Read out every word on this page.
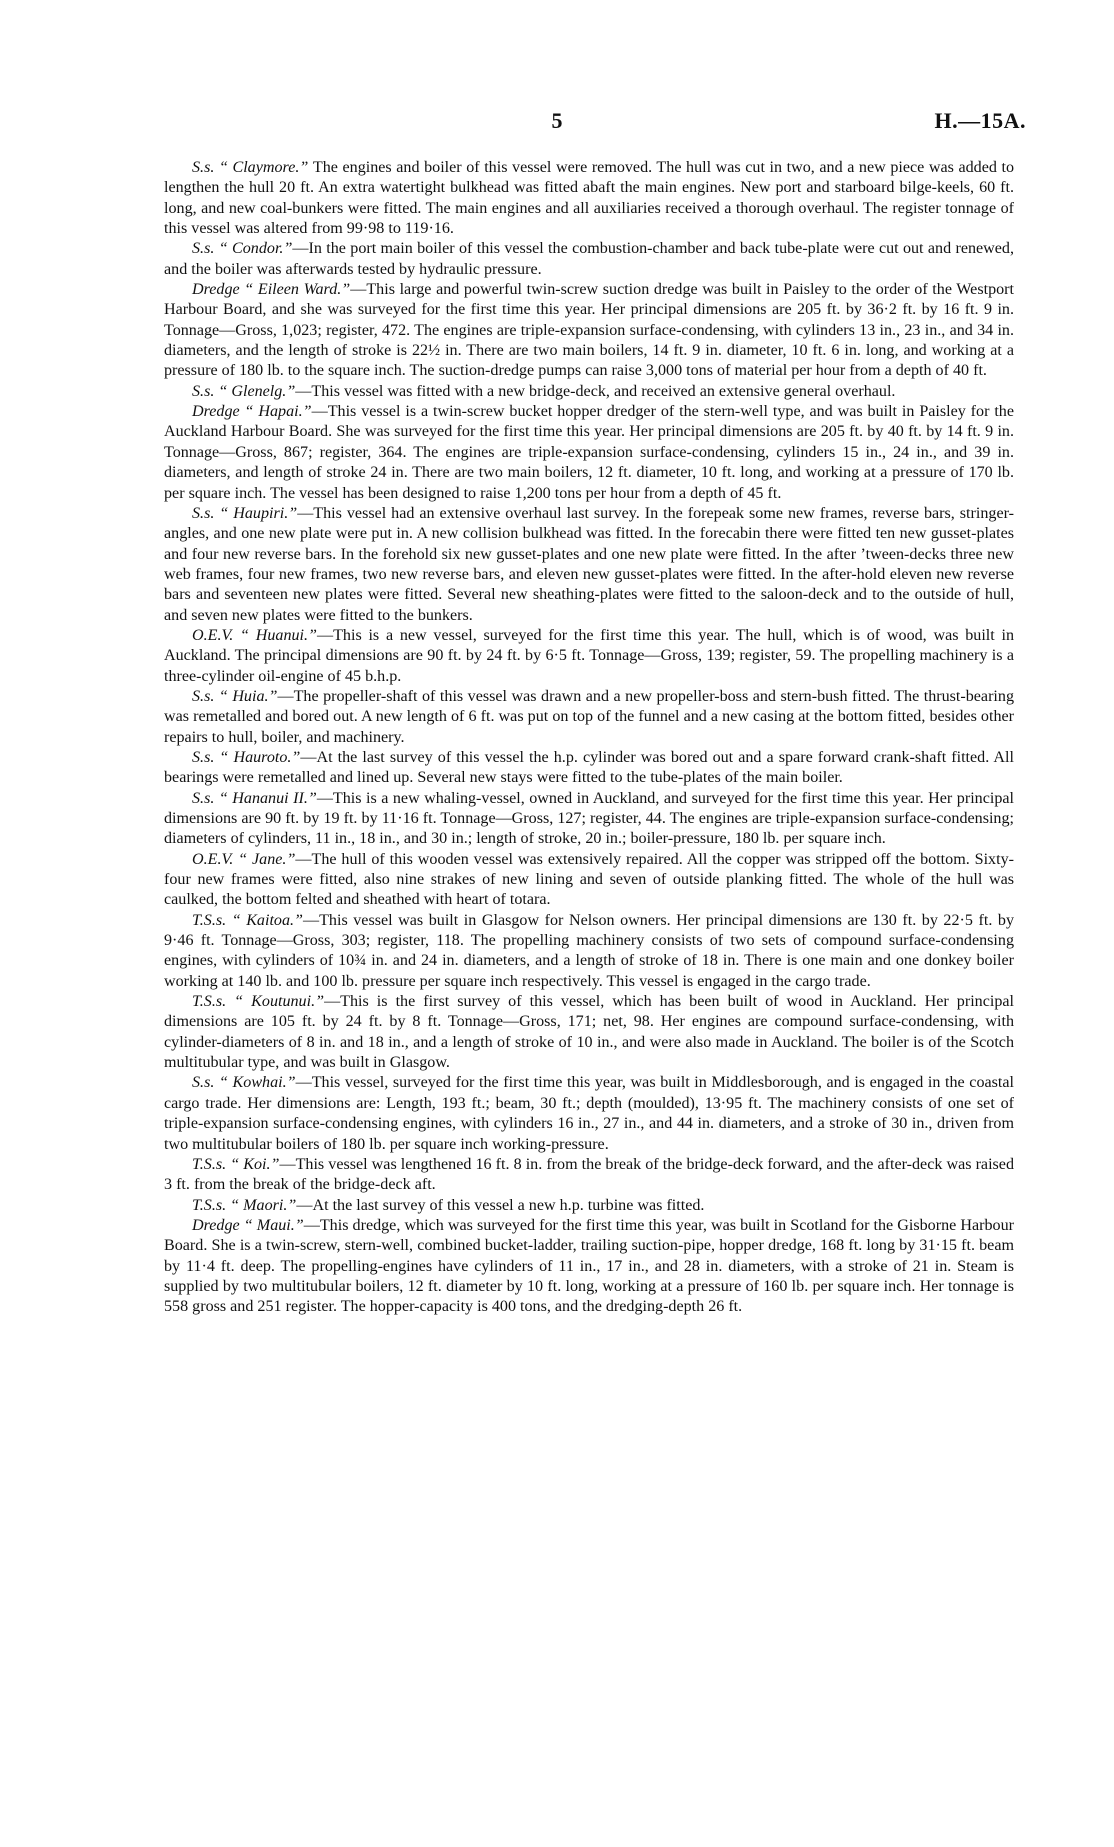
5	H.—15A.

S.s. “ Claymore.” The engines and boiler of this vessel were removed. The hull was cut in two, and a new piece was added to lengthen the hull 20 ft. An extra watertight bulkhead was fitted abaft the main engines. New port and starboard bilge-keels, 60 ft. long, and new coal-bunkers were fitted. The main engines and all auxiliaries received a thorough overhaul. The register tonnage of this vessel was altered from 99·98 to 119·16.

S.s. “ Condor.”—In the port main boiler of this vessel the combustion-chamber and back tube-plate were cut out and renewed, and the boiler was afterwards tested by hydraulic pressure.

Dredge “ Eileen Ward.”—This large and powerful twin-screw suction dredge was built in Paisley to the order of the Westport Harbour Board, and she was surveyed for the first time this year. Her principal dimensions are 205 ft. by 36·2 ft. by 16 ft. 9 in. Tonnage—Gross, 1,023; register, 472. The engines are triple-expansion surface-condensing, with cylinders 13 in., 23 in., and 34 in. diameters, and the length of stroke is 22½ in. There are two main boilers, 14 ft. 9 in. diameter, 10 ft. 6 in. long, and working at a pressure of 180 lb. to the square inch. The suction-dredge pumps can raise 3,000 tons of material per hour from a depth of 40 ft.

S.s. “ Glenelg.”—This vessel was fitted with a new bridge-deck, and received an extensive general overhaul.

Dredge “ Hapai.”—This vessel is a twin-screw bucket hopper dredger of the stern-well type, and was built in Paisley for the Auckland Harbour Board. She was surveyed for the first time this year. Her principal dimensions are 205 ft. by 40 ft. by 14 ft. 9 in. Tonnage—Gross, 867; register, 364. The engines are triple-expansion surface-condensing, cylinders 15 in., 24 in., and 39 in. diameters, and length of stroke 24 in. There are two main boilers, 12 ft. diameter, 10 ft. long, and working at a pressure of 170 lb. per square inch. The vessel has been designed to raise 1,200 tons per hour from a depth of 45 ft.

S.s. “ Haupiri.”—This vessel had an extensive overhaul last survey. In the forepeak some new frames, reverse bars, stringer-angles, and one new plate were put in. A new collision bulkhead was fitted. In the forecabin there were fitted ten new gusset-plates and four new reverse bars. In the forehold six new gusset-plates and one new plate were fitted. In the after ’tween-decks three new web frames, four new frames, two new reverse bars, and eleven new gusset-plates were fitted. In the after-hold eleven new reverse bars and seventeen new plates were fitted. Several new sheathing-plates were fitted to the saloon-deck and to the outside of hull, and seven new plates were fitted to the bunkers.

O.E.V. “ Huanui.”—This is a new vessel, surveyed for the first time this year. The hull, which is of wood, was built in Auckland. The principal dimensions are 90 ft. by 24 ft. by 6·5 ft. Tonnage—Gross, 139; register, 59. The propelling machinery is a three-cylinder oil-engine of 45 b.h.p.

S.s. “ Huia.”—The propeller-shaft of this vessel was drawn and a new propeller-boss and stern-bush fitted. The thrust-bearing was remetalled and bored out. A new length of 6 ft. was put on top of the funnel and a new casing at the bottom fitted, besides other repairs to hull, boiler, and machinery.

S.s. “ Hauroto.”—At the last survey of this vessel the h.p. cylinder was bored out and a spare forward crank-shaft fitted. All bearings were remetalled and lined up. Several new stays were fitted to the tube-plates of the main boiler.

S.s. “ Hananui II.”—This is a new whaling-vessel, owned in Auckland, and surveyed for the first time this year. Her principal dimensions are 90 ft. by 19 ft. by 11·16 ft. Tonnage—Gross, 127; register, 44. The engines are triple-expansion surface-condensing; diameters of cylinders, 11 in., 18 in., and 30 in.; length of stroke, 20 in.; boiler-pressure, 180 lb. per square inch.

O.E.V. “ Jane.”—The hull of this wooden vessel was extensively repaired. All the copper was stripped off the bottom. Sixty-four new frames were fitted, also nine strakes of new lining and seven of outside planking fitted. The whole of the hull was caulked, the bottom felted and sheathed with heart of totara.

T.S.s. “ Kaitoa.”—This vessel was built in Glasgow for Nelson owners. Her principal dimensions are 130 ft. by 22·5 ft. by 9·46 ft. Tonnage—Gross, 303; register, 118. The propelling machinery consists of two sets of compound surface-condensing engines, with cylinders of 10¾ in. and 24 in. diameters, and a length of stroke of 18 in. There is one main and one donkey boiler working at 140 lb. and 100 lb. pressure per square inch respectively. This vessel is engaged in the cargo trade.

T.S.s. “ Koutunui.”—This is the first survey of this vessel, which has been built of wood in Auckland. Her principal dimensions are 105 ft. by 24 ft. by 8 ft. Tonnage—Gross, 171; net, 98. Her engines are compound surface-condensing, with cylinder-diameters of 8 in. and 18 in., and a length of stroke of 10 in., and were also made in Auckland. The boiler is of the Scotch multitubular type, and was built in Glasgow.

S.s. “ Kowhai.”—This vessel, surveyed for the first time this year, was built in Middlesborough, and is engaged in the coastal cargo trade. Her dimensions are: Length, 193 ft.; beam, 30 ft.; depth (moulded), 13·95 ft. The machinery consists of one set of triple-expansion surface-condensing engines, with cylinders 16 in., 27 in., and 44 in. diameters, and a stroke of 30 in., driven from two multitubular boilers of 180 lb. per square inch working-pressure.

T.S.s. “ Koi.”—This vessel was lengthened 16 ft. 8 in. from the break of the bridge-deck forward, and the after-deck was raised 3 ft. from the break of the bridge-deck aft.

T.S.s. “ Maori.”—At the last survey of this vessel a new h.p. turbine was fitted.

Dredge “ Maui.”—This dredge, which was surveyed for the first time this year, was built in Scotland for the Gisborne Harbour Board. She is a twin-screw, stern-well, combined bucket-ladder, trailing suction-pipe, hopper dredge, 168 ft. long by 31·15 ft. beam by 11·4 ft. deep. The propelling-engines have cylinders of 11 in., 17 in., and 28 in. diameters, with a stroke of 21 in. Steam is supplied by two multitubular boilers, 12 ft. diameter by 10 ft. long, working at a pressure of 160 lb. per square inch. Her tonnage is 558 gross and 251 register. The hopper-capacity is 400 tons, and the dredging-depth 26 ft.
